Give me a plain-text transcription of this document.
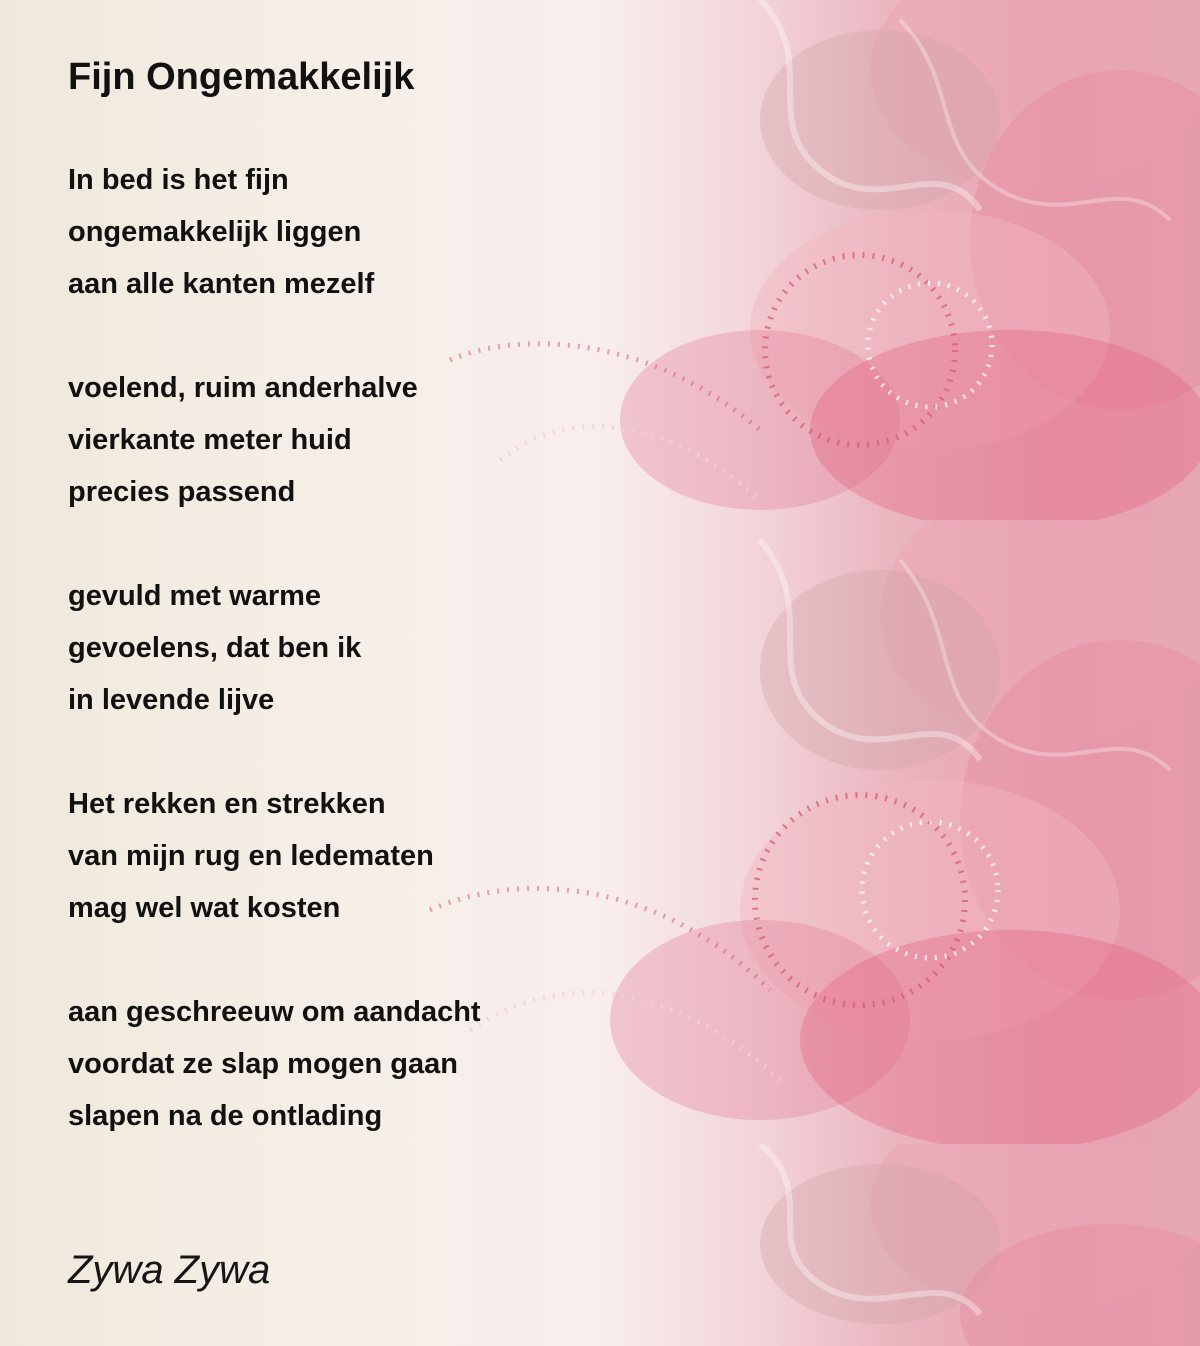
Fijn Ongemakkelijk
In bed is het fijn
ongemakkelijk liggen
aan alle kanten mezelf
voelend, ruim anderhalve
vierkante meter huid
precies passend
gevuld met warme
gevoelens, dat ben ik
in levende lijve
Het rekken en strekken
van mijn rug en ledematen
mag wel wat kosten
aan geschreeuw om aandacht
voordat ze slap mogen gaan
slapen na de ontlading
Zywa Zywa
